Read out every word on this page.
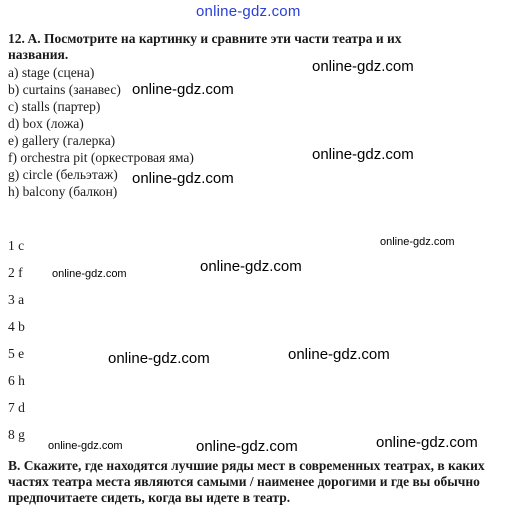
online-gdz.com
12. A. Посмотрите на картинку и сравните эти части театра и их названия.
a) stage (сцена)
b) curtains (занавес)
c) stalls (партер)
d) box (ложа)
e) gallery (галерка)
f) orchestra pit (оркестровая яма)
g) circle (бельэтаж)
h) balcony (балкон)
1 c
2 f
3 a
4 b
5 e
6 h
7 d
8 g
online-gdz.com
online-gdz.com
online-gdz.com
online-gdz.com
online-gdz.com
online-gdz.com
online-gdz.com
online-gdz.com
online-gdz.com
online-gdz.com
online-gdz.com
online-gdz.com
B. Скажите, где находятся лучшие ряды мест в современных театрах, в каких частях театра места являются самыми / наименее дорогими и где вы обычно предпочитаете сидеть, когда вы идете в театр.
